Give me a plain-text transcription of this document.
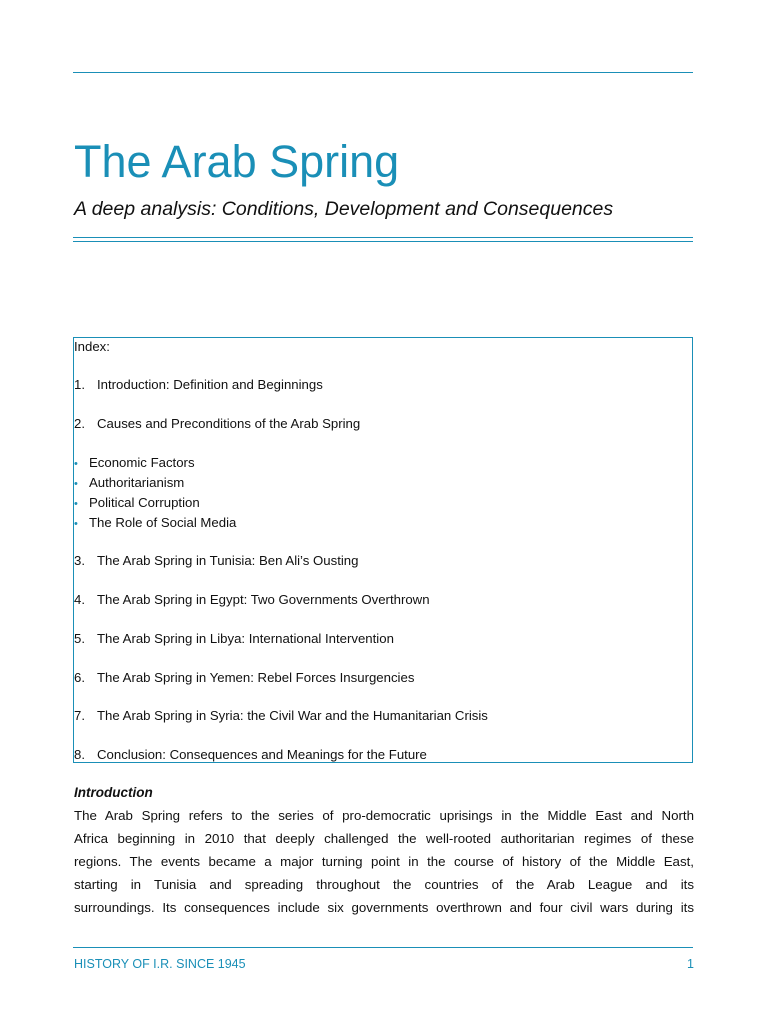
The Arab Spring
A deep analysis: Conditions, Development and Consequences
Index:
1. Introduction: Definition and Beginnings
2. Causes and Preconditions of the Arab Spring
• Economic Factors
• Authoritarianism
• Political Corruption
• The Role of Social Media
3. The Arab Spring in Tunisia: Ben Ali’s Ousting
4. The Arab Spring in Egypt: Two Governments Overthrown
5. The Arab Spring in Libya: International Intervention
6. The Arab Spring in Yemen: Rebel Forces Insurgencies
7. The Arab Spring in Syria: the Civil War and the Humanitarian Crisis
8. Conclusion: Consequences and Meanings for the Future
Introduction
The Arab Spring refers to the series of pro-democratic uprisings in the Middle East and North
Africa beginning in 2010 that deeply challenged the well-rooted authoritarian regimes of these
regions. The events became a major turning point in the course of history of the Middle East,
starting in Tunisia and spreading throughout the countries of the Arab League and its
surroundings. Its consequences include six governments overthrown and four civil wars during its
HISTORY OF I.R. SINCE 1945	1
